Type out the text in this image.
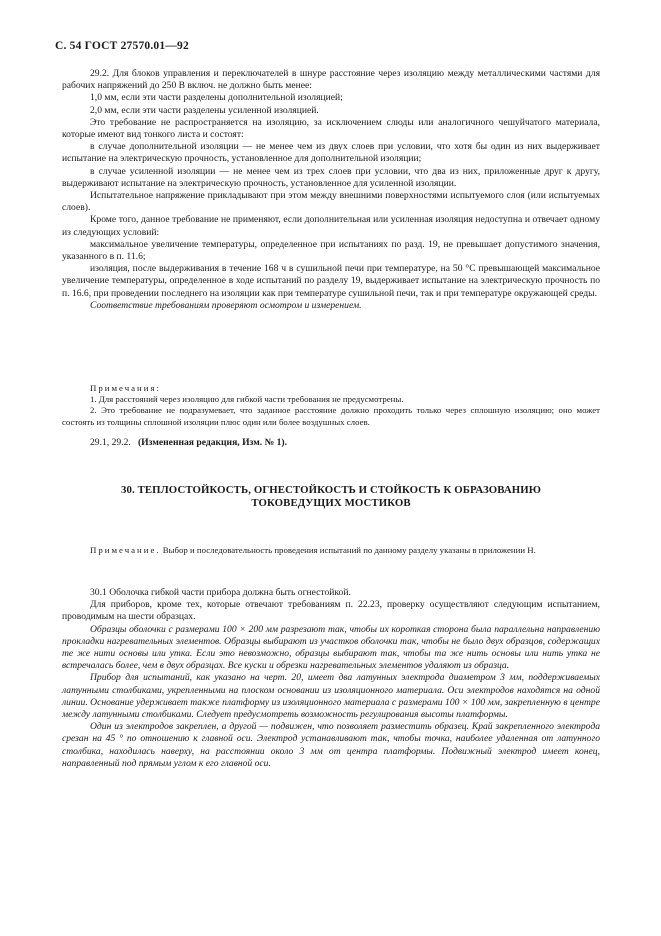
С. 54 ГОСТ 27570.01—92

29.2. Для блоков управления и переключателей в шнуре расстояние через изоляцию между металлическими частями для рабочих напряжений до 250 В включ. не должно быть менее:

1,0 мм, если эти части разделены дополнительной изоляцией;

2,0 мм, если эти части разделены усиленной изоляцией.

Это требование не распространяется на изоляцию, за исключением слюды или аналогичного чешуйчатого материала, которые имеют вид тонкого листа и состоят:

в случае дополнительной изоляции — не менее чем из двух слоев при условии, что хотя бы один из них выдерживает испытание на электрическую прочность, установленное для дополнительной изоляции;

в случае усиленной изоляции — не менее чем из трех слоев при условии, что два из них, приложенные друг к другу, выдерживают испытание на электрическую прочность, установленное для усиленной изоляции.

Испытательное напряжение прикладывают при этом между внешними поверхностями испытуемого слоя (или испытуемых слоев).

Кроме того, данное требование не применяют, если дополнительная или усиленная изоляция недоступна и отвечает одному из следующих условий:

максимальное увеличение температуры, определенное при испытаниях по разд. 19, не превышает допустимого значения, указанного в п. 11.6;

изоляция, после выдерживания в течение 168 ч в сушильной печи при температуре, на 50 °С превышающей максимальное увеличение температуры, определенное в ходе испытаний по разделу 19, выдерживает испытание на электрическую прочность по п. 16.6, при проведении последнего на изоляции как при температуре сушильной печи, так и при температуре окружающей среды.

Соответствие требованиям проверяют осмотром и измерением.

Примечания:

1. Для расстояний через изоляцию для гибкой части требования не предусмотрены.

2. Это требование не подразумевает, что заданное расстояние должно проходить только через сплошную изоляцию; оно может состоять из толщины сплошной изоляции плюс один или более воздушных слоев.

29.1, 29.2. (Измененная редакция, Изм. № 1).

30. ТЕПЛОСТОЙКОСТЬ, ОГНЕСТОЙКОСТЬ И СТОЙКОСТЬ К ОБРАЗОВАНИЮ
ТОКОВЕДУЩИХ МОСТИКОВ

Примечание. Выбор и последовательность проведения испытаний по данному разделу указаны в приложении Н.

30.1 Оболочка гибкой части прибора должна быть огнестойкой.

Для приборов, кроме тех, которые отвечают требованиям п. 22.23, проверку осуществляют следующим испытанием, проводимым на шести образцах.

Образцы оболочки с размерами 100 × 200 мм разрезают так, чтобы их короткая сторона была параллельна направлению прокладки нагревательных элементов. Образцы выбирают из участков оболочки так, чтобы не было двух образцов, содержащих те же нити основы или утка. Если это невозможно, образцы выбирают так, чтобы та же нить основы или нить утка не встречалась более, чем в двух образцах. Все куски и обрезки нагревательных элементов удаляют из образца.

Прибор для испытаний, как указано на черт. 20, имеет два латунных электрода диаметром 3 мм, поддерживаемых латунными столбиками, укрепленными на плоском основании из изоляционного материала. Оси электродов находятся на одной линии. Основание удерживает также платформу из изоляционного материала с размерами 100 × 100 мм, закрепленную в центре между латунными столбиками. Следует предусмотреть возможность регулирования высоты платформы.

Один из электродов закреплен, а другой — подвижен, что позволяет разместить образец. Край закрепленного электрода срезан на 45 ° по отношению к главной оси. Электрод устанавливают так, чтобы точка, наиболее удаленная от латунного столбика, находилась наверху, на расстоянии около 3 мм от центра платформы. Подвижный электрод имеет конец, направленный под прямым углом к его главной оси.
